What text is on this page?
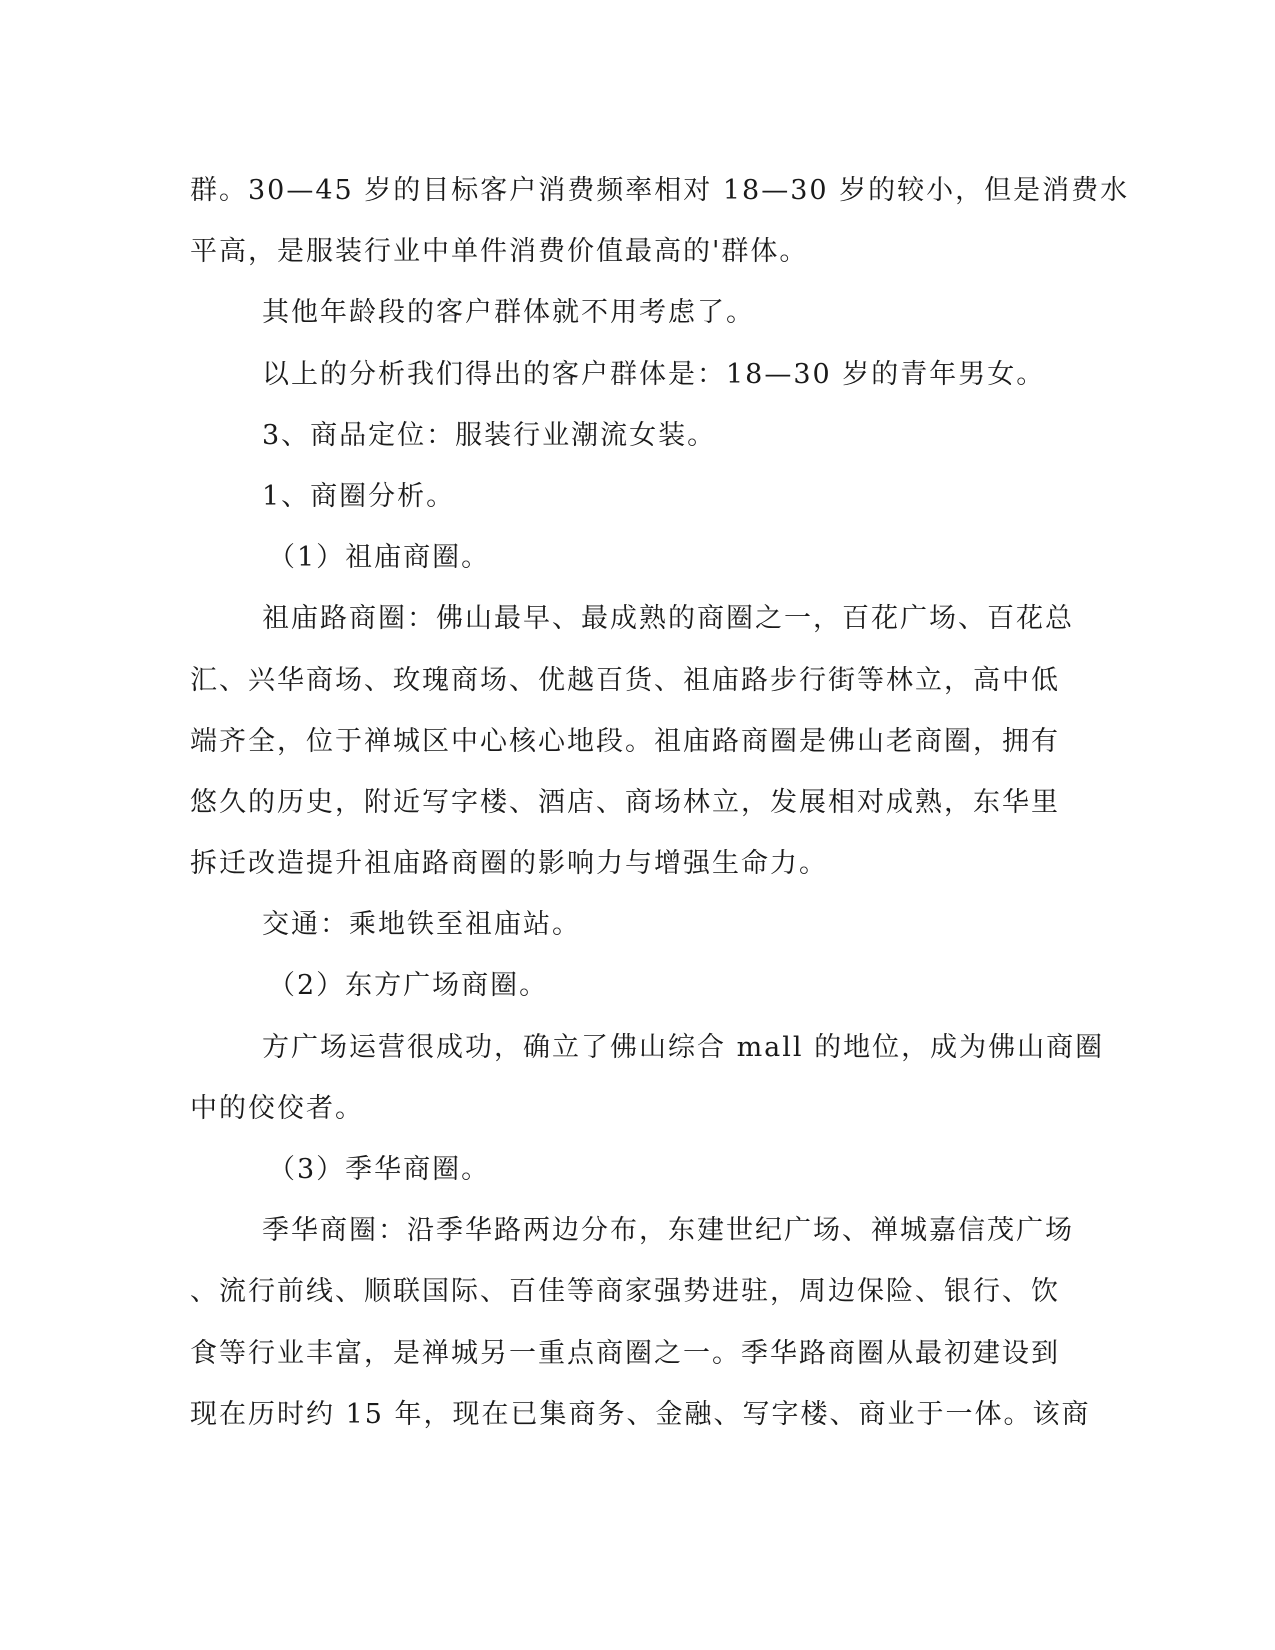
群。30—45 岁的目标客户消费频率相对 18—30 岁的较小，但是消费水
平高，是服装行业中单件消费价值最高的'群体。
其他年龄段的客户群体就不用考虑了。
以上的分析我们得出的客户群体是：18—30 岁的青年男女。
3、商品定位：服装行业潮流女装。
1、商圈分析。
（1）祖庙商圈。
祖庙路商圈：佛山最早、最成熟的商圈之一，百花广场、百花总
汇、兴华商场、玫瑰商场、优越百货、祖庙路步行街等林立，高中低
端齐全，位于禅城区中心核心地段。祖庙路商圈是佛山老商圈，拥有
悠久的历史，附近写字楼、酒店、商场林立，发展相对成熟，东华里
拆迁改造提升祖庙路商圈的影响力与增强生命力。
交通：乘地铁至祖庙站。
（2）东方广场商圈。
方广场运营很成功，确立了佛山综合 mall 的地位，成为佛山商圈
中的佼佼者。
（3）季华商圈。
季华商圈：沿季华路两边分布，东建世纪广场、禅城嘉信茂广场
、流行前线、顺联国际、百佳等商家强势进驻，周边保险、银行、饮
食等行业丰富，是禅城另一重点商圈之一。季华路商圈从最初建设到
现在历时约 15 年，现在已集商务、金融、写字楼、商业于一体。该商
